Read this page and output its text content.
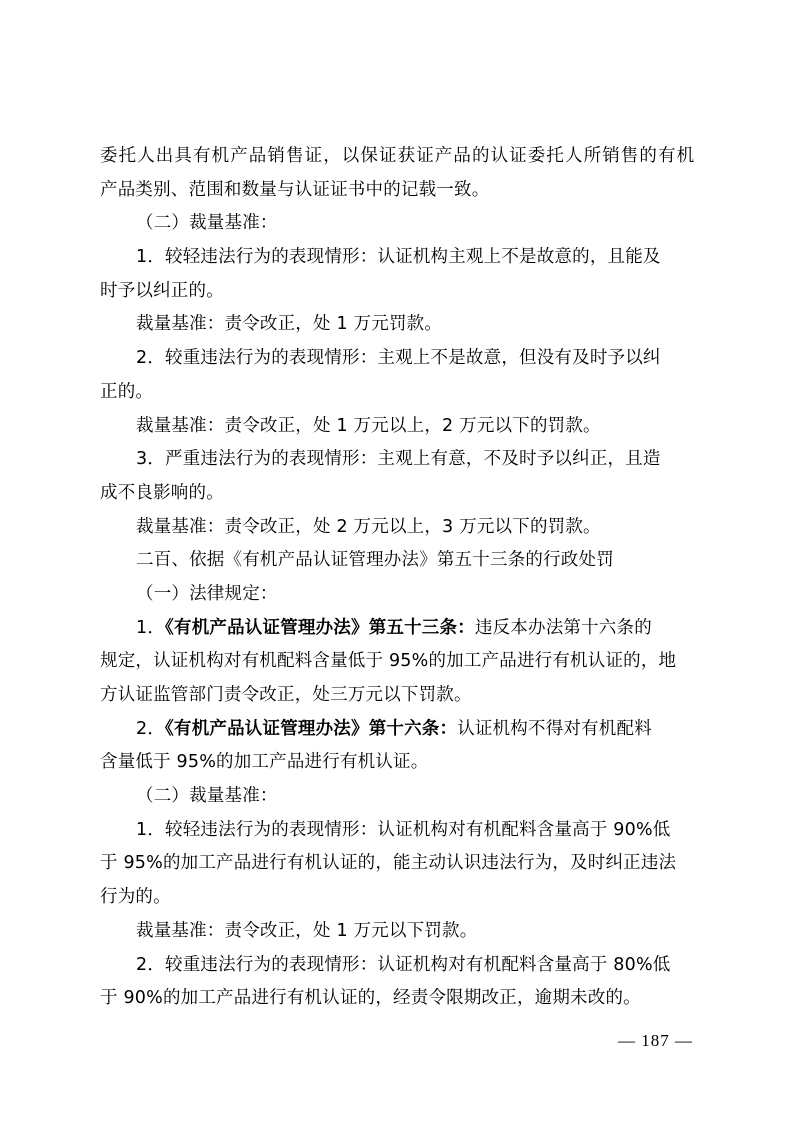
委托人出具有机产品销售证，以保证获证产品的认证委托人所销售的有机
产品类别、范围和数量与认证证书中的记载一致。
（二）裁量基准：
1．较轻违法行为的表现情形：认证机构主观上不是故意的，且能及
时予以纠正的。
裁量基准：责令改正，处 1 万元罚款。
2．较重违法行为的表现情形：主观上不是故意，但没有及时予以纠
正的。
裁量基准：责令改正，处 1 万元以上，2 万元以下的罚款。
3．严重违法行为的表现情形：主观上有意，不及时予以纠正，且造
成不良影响的。
裁量基准：责令改正，处 2 万元以上，3 万元以下的罚款。
二百、依据《有机产品认证管理办法》第五十三条的行政处罚
（一）法律规定：
1．《有机产品认证管理办法》第五十三条：违反本办法第十六条的
规定，认证机构对有机配料含量低于 95%的加工产品进行有机认证的，地
方认证监管部门责令改正，处三万元以下罚款。
2．《有机产品认证管理办法》第十六条：认证机构不得对有机配料
含量低于 95%的加工产品进行有机认证。
（二）裁量基准：
1．较轻违法行为的表现情形：认证机构对有机配料含量高于 90%低
于 95%的加工产品进行有机认证的，能主动认识违法行为，及时纠正违法
行为的。
裁量基准：责令改正，处 1 万元以下罚款。
2．较重违法行为的表现情形：认证机构对有机配料含量高于 80%低
于 90%的加工产品进行有机认证的，经责令限期改正，逾期未改的。
— 187 —
